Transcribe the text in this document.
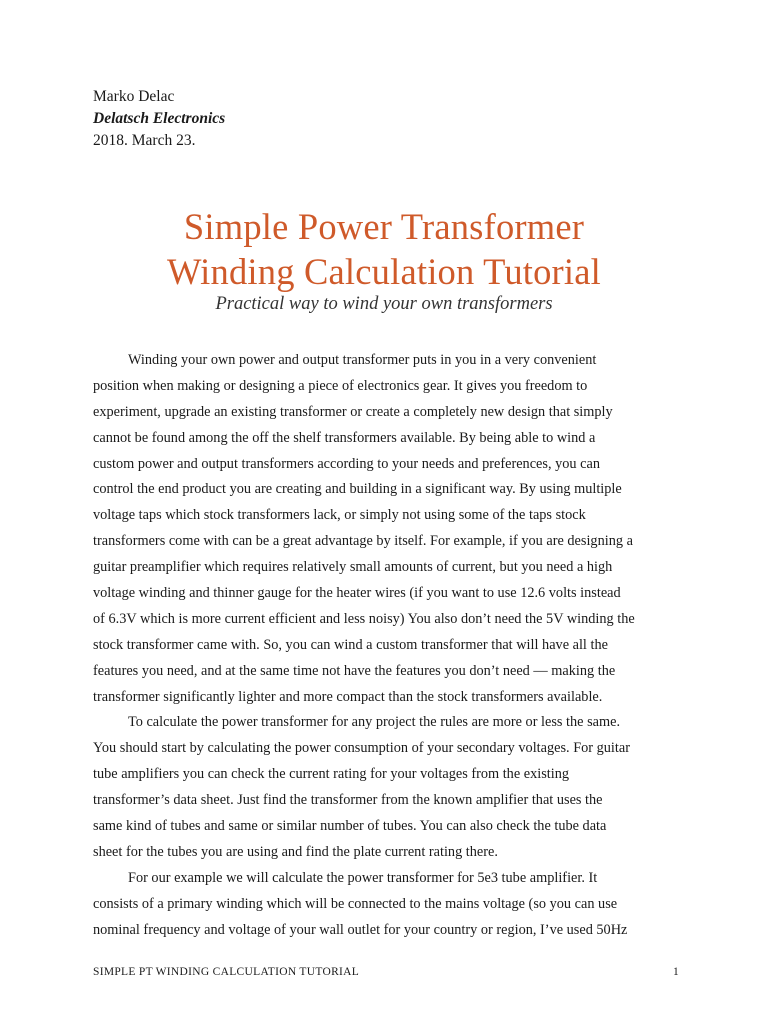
Marko Delac
Delatsch Electronics
2018. March 23.
Simple Power Transformer
Winding Calculation Tutorial
Practical way to wind your own transformers
Winding your own power and output transformer puts in you in a very convenient
position when making or designing a piece of electronics gear. It gives you freedom to
experiment, upgrade an existing transformer or create a completely new design that simply
cannot be found among the off the shelf transformers available. By being able to wind a
custom power and output transformers according to your needs and preferences, you can
control the end product you are creating and building in a significant way. By using multiple
voltage taps which stock transformers lack, or simply not using some of the taps stock
transformers come with can be a great advantage by itself. For example, if you are designing a
guitar preamplifier which requires relatively small amounts of current, but you need a high
voltage winding and thinner gauge for the heater wires (if you want to use 12.6 volts instead
of 6.3V which is more current efficient and less noisy) You also don’t need the 5V winding the
stock transformer came with. So, you can wind a custom transformer that will have all the
features you need, and at the same time not have the features you don’t need — making the
transformer significantly lighter and more compact than the stock transformers available.
To calculate the power transformer for any project the rules are more or less the same.
You should start by calculating the power consumption of your secondary voltages. For guitar
tube amplifiers you can check the current rating for your voltages from the existing
transformer’s data sheet. Just find the transformer from the known amplifier that uses the
same kind of tubes and same or similar number of tubes. You can also check the tube data
sheet for the tubes you are using and find the plate current rating there.
For our example we will calculate the power transformer for 5e3 tube amplifier. It
consists of a primary winding which will be connected to the mains voltage (so you can use
nominal frequency and voltage of your wall outlet for your country or region, I’ve used 50Hz
SIMPLE PT WINDING CALCULATION TUTORIAL	1
